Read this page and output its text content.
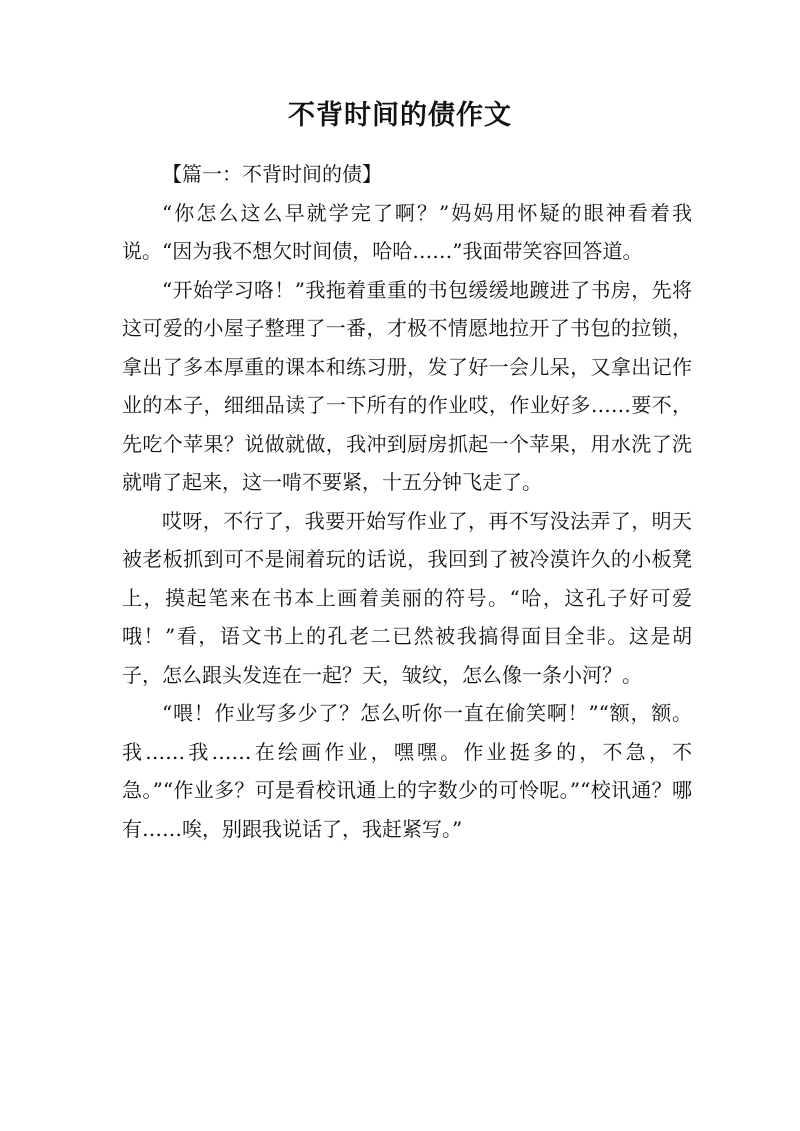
不背时间的债作文

【篇一：不背时间的债】

“你怎么这么早就学完了啊？”妈妈用怀疑的眼神看着我说。“因为我不想欠时间债，哈哈……”我面带笑容回答道。

“开始学习咯！”我拖着重重的书包缓缓地踱进了书房，先将这可爱的小屋子整理了一番，才极不情愿地拉开了书包的拉锁，拿出了多本厚重的课本和练习册，发了好一会儿呆，又拿出记作业的本子，细细品读了一下所有的作业哎，作业好多……要不，先吃个苹果？说做就做，我冲到厨房抓起一个苹果，用水洗了洗就啃了起来，这一啃不要紧，十五分钟飞走了。

哎呀，不行了，我要开始写作业了，再不写没法弄了，明天被老板抓到可不是闹着玩的话说，我回到了被冷漠许久的小板凳上，摸起笔来在书本上画着美丽的符号。“哈，这孔子好可爱哦！”看，语文书上的孔老二已然被我搞得面目全非。这是胡子，怎么跟头发连在一起？天，皱纹，怎么像一条小河？。

“喂！作业写多少了？怎么听你一直在偷笑啊！”“额，额。我……我……在绘画作业，嘿嘿。作业挺多的，不急，不急。”“作业多？可是看校讯通上的字数少的可怜呢。”“校讯通？哪有……唉，别跟我说话了，我赶紧写。”
